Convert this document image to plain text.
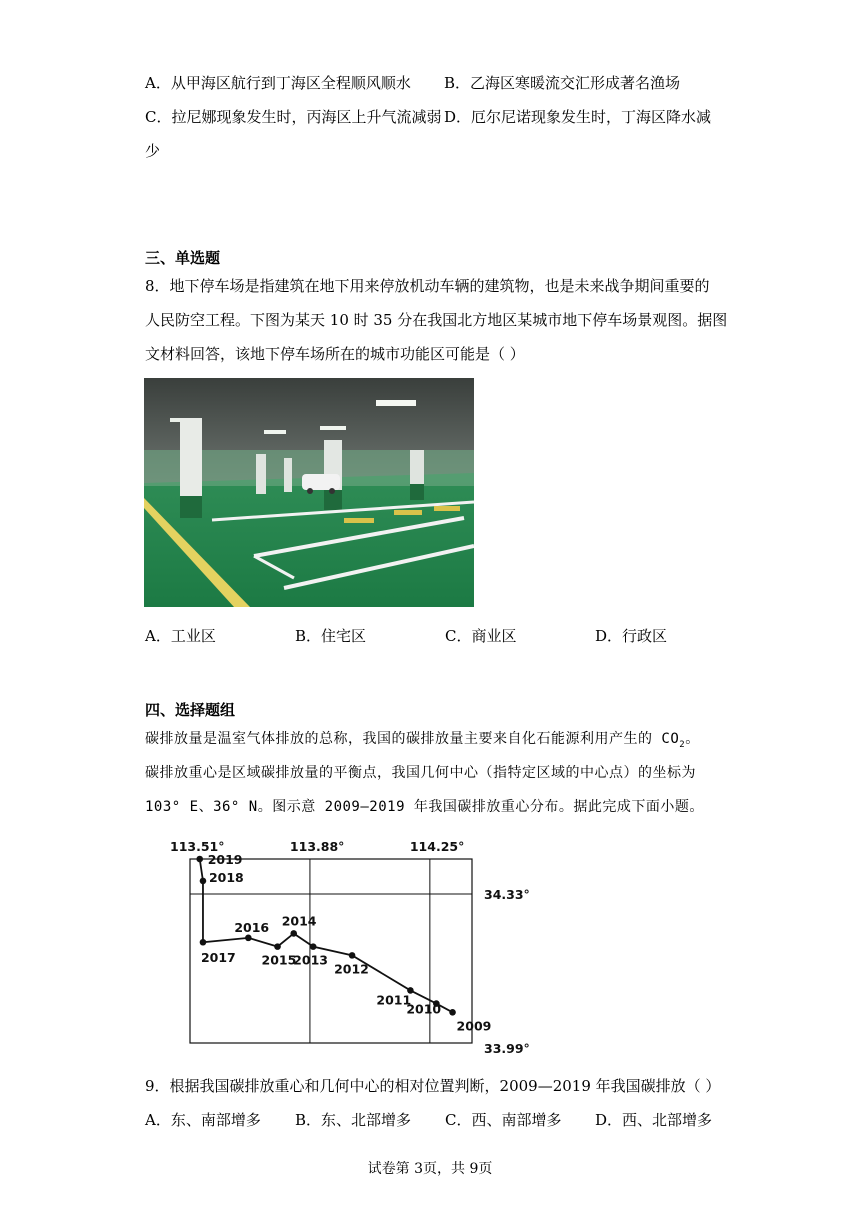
A．从甲海区航行到丁海区全程顺风顺水 B．乙海区寒暖流交汇形成著名渔场
C．拉尼娜现象发生时，丙海区上升气流减弱 D．厄尔尼诺现象发生时，丁海区降水减
少
三、单选题
8．地下停车场是指建筑在地下用来停放机动车辆的建筑物，也是未来战争期间重要的
人民防空工程。下图为某天 10 时 35 分在我国北方地区某城市地下停车场景观图。据图
文材料回答，该地下停车场所在的城市功能区可能是（ ）
A．工业区	B．住宅区	C．商业区	D．行政区
四、选择题组
碳排放量是温室气体排放的总称，我国的碳排放量主要来自化石能源利用产生的 $CO_2$。
碳排放重心是区域碳排放量的平衡点，我国几何中心（指特定区域的中心点）的坐标为
103° E、36° N。图示意 2009—2019 年我国碳排放重心分布。据此完成下面小题。
113.51°	113.88°	114.25°
34.33°
33.99°
2009
2010
2011
2012
2013
2014
2015
2016
2017
2018
2019
9．根据我国碳排放重心和几何中心的相对位置判断，2009—2019 年我国碳排放（ ）
A．东、南部增多 B．东、北部增多 C．西、南部增多 D．西、北部增多
试卷第 3页，共 9页
